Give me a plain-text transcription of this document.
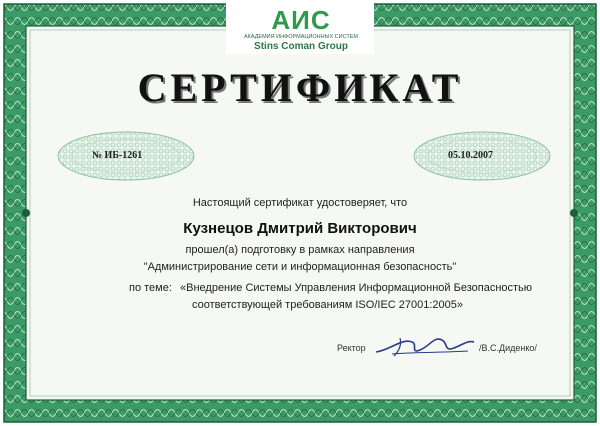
АИС
АКАДЕМИЯ ИНФОРМАЦИОННЫХ СИСТЕМ
Stins Coman Group
СЕРТИФИКАТ
№ ИБ-1261	05.10.2007
Настоящий сертификат удостоверяет, что
Кузнецов Дмитрий Викторович
прошел(а) подготовку в рамках направления
"Администрирование сети и информационная безопасность"
по теме: «Внедрение Системы Управления Информационной Безопасностью
соответствующей требованиям ISO/IEC 27001:2005»
Ректор	/В.С.Диденко/
